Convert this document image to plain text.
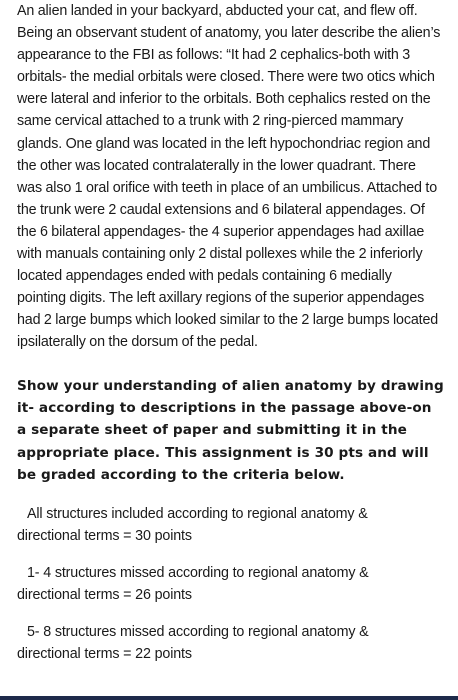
An alien landed in your backyard, abducted your cat, and flew off. Being an observant student of anatomy, you later describe the alien’s appearance to the FBI as follows: “It had 2 cephalics-both with 3 orbitals- the medial orbitals were closed. There were two otics which were lateral and inferior to the orbitals. Both cephalics rested on the same cervical attached to a trunk with 2 ring-pierced mammary glands. One gland was located in the left hypochondriac region and the other was located contralaterally in the lower quadrant. There was also 1 oral orifice with teeth in place of an umbilicus. Attached to the trunk were 2 caudal extensions and 6 bilateral appendages. Of the 6 bilateral appendages- the 4 superior appendages had axillae with manuals containing only 2 distal pollexes while the 2 inferiorly located appendages ended with pedals containing 6 medially pointing digits. The left axillary regions of the superior appendages had 2 large bumps which looked similar to the 2 large bumps located ipsilaterally on the dorsum of the pedal.

Show your understanding of alien anatomy by drawing it- according to descriptions in the passage above-on a separate sheet of paper and submitting it in the appropriate place. This assignment is 30 pts and will be graded according to the criteria below.

All structures included according to regional anatomy &
directional terms = 30 points
1- 4 structures missed according to regional anatomy &
directional terms = 26 points
5- 8 structures missed according to regional anatomy &
directional terms = 22 points
